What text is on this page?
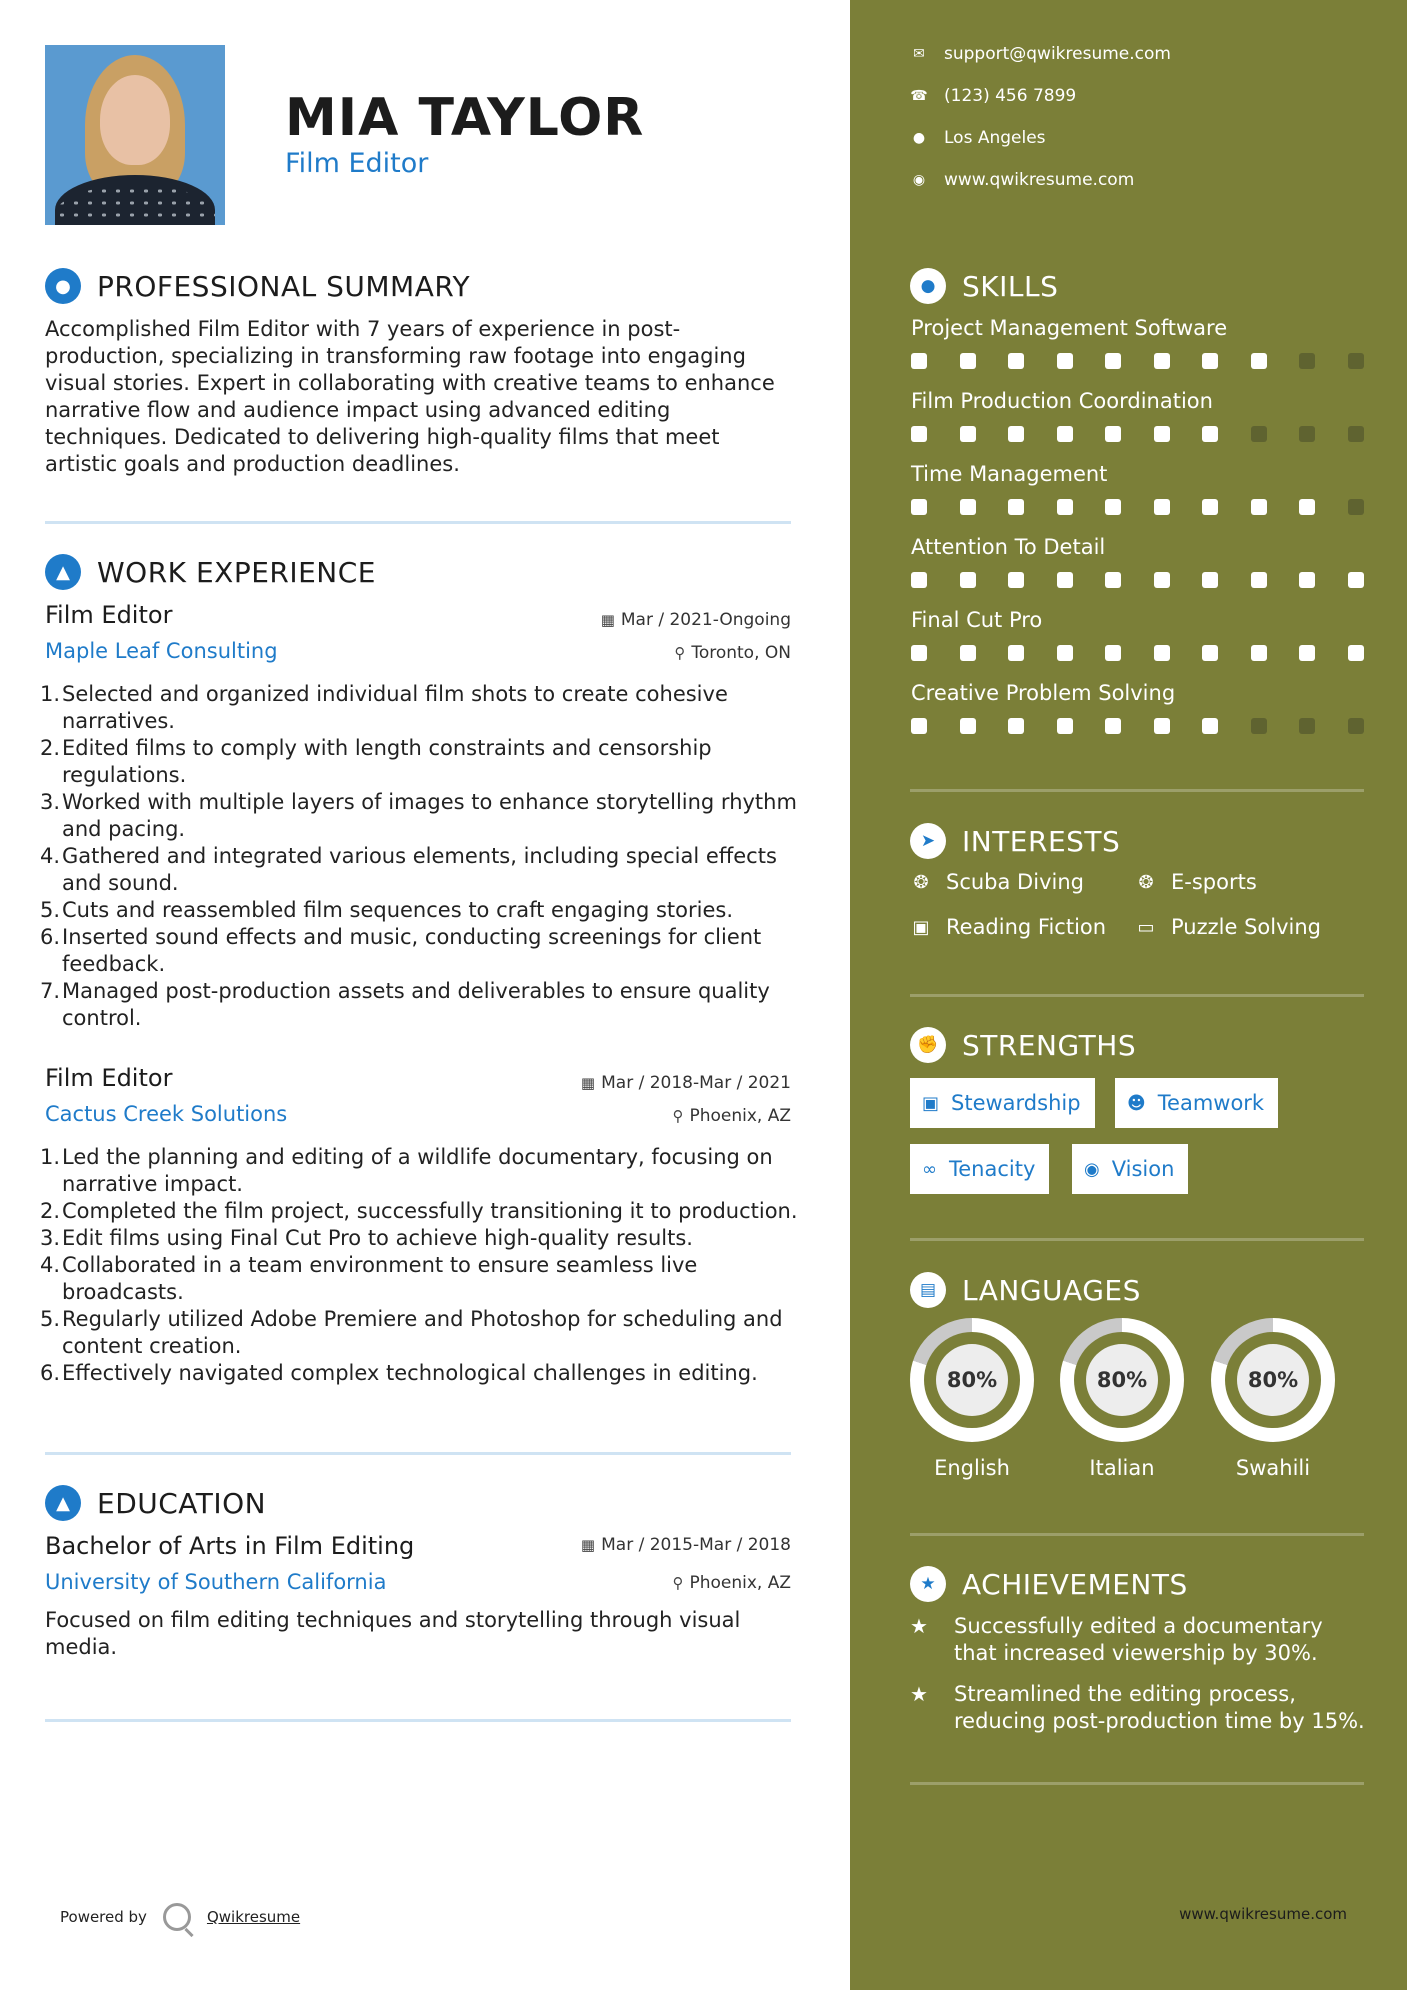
MIA TAYLOR
Film Editor
● PROFESSIONAL SUMMARY
Accomplished Film Editor with 7 years of experience in post-production, specializing in transforming raw footage into engaging visual stories. Expert in collaborating with creative teams to enhance narrative flow and audience impact using advanced editing techniques. Dedicated to delivering high-quality films that meet artistic goals and production deadlines.
▲ WORK EXPERIENCE
Film Editor	▦ Mar / 2021-Ongoing
Maple Leaf Consulting	⚲ Toronto, ON
1. Selected and organized individual film shots to create cohesive narratives.
2. Edited films to comply with length constraints and censorship regulations.
3. Worked with multiple layers of images to enhance storytelling rhythm and pacing.
4. Gathered and integrated various elements, including special effects and sound.
5. Cuts and reassembled film sequences to craft engaging stories.
6. Inserted sound effects and music, conducting screenings for client feedback.
7. Managed post-production assets and deliverables to ensure quality control.
Film Editor	▦ Mar / 2018-Mar / 2021
Cactus Creek Solutions	⚲ Phoenix, AZ
1. Led the planning and editing of a wildlife documentary, focusing on narrative impact.
2. Completed the film project, successfully transitioning it to production.
3. Edit films using Final Cut Pro to achieve high-quality results.
4. Collaborated in a team environment to ensure seamless live broadcasts.
5. Regularly utilized Adobe Premiere and Photoshop for scheduling and content creation.
6. Effectively navigated complex technological challenges in editing.
▲ EDUCATION
Bachelor of Arts in Film Editing	▦ Mar / 2015-Mar / 2018
University of Southern California	⚲ Phoenix, AZ
Focused on film editing techniques and storytelling through visual media.
Powered by	Qwikresume
✉ support@qwikresume.com
☎ (123) 456 7899
● Los Angeles
◉ www.qwikresume.com
● SKILLS
Project Management Software
Film Production Coordination
Time Management
Attention To Detail
Final Cut Pro
Creative Problem Solving
➤ INTERESTS
❂ Scuba Diving	❂ E-sports
▣ Reading Fiction ▭ Puzzle Solving
✊ STRENGTHS
▣ Stewardship	☻ Teamwork
∞ Tenacity	◉ Vision
▤ LANGUAGES
80%
English
80%
Italian
80%
Swahili
★ ACHIEVEMENTS
★	Successfully edited a documentary that increased viewership by 30%.
★	Streamlined the editing process, reducing post-production time by 15%.
www.qwikresume.com
